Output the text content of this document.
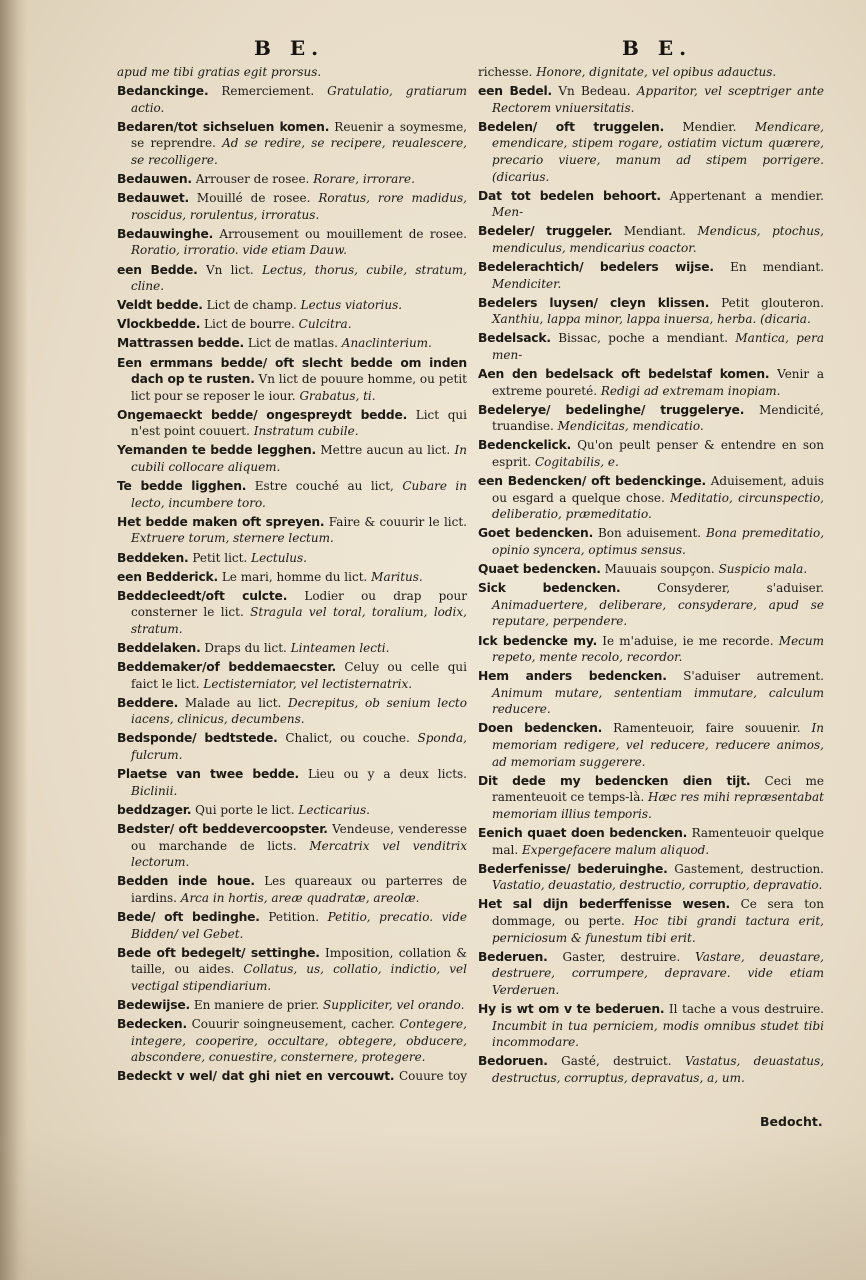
B E.	B E.
apud me tibi gratias egit prorsus.
Bedanckinge. Remerciement. Gratulatio, gratiarum actio.
Bedaren/tot sichseluen komen. Reuenir a soymesme, se reprendre. Ad se redire, se recipere, reualescere, se recolligere.
Bedauwen. Arrouser de rosee. Rorare, irrorare.
Bedauwet. Mouillé de rosee. Roratus, rore madidus, roscidus, rorulentus, irroratus.
Bedauwinghe. Arrousement ou mouillement de rosee. Roratio, irroratio. vide etiam Dauw.
een Bedde. Vn lict. Lectus, thorus, cubile, stratum, cline.
Veldt bedde. Lict de champ. Lectus viatorius.
Vlockbedde. Lict de bourre. Culcitra.
Mattrassen bedde. Lict de matlas. Anaclinterium.
Een ermmans bedde/ oft slecht bedde om inden dach op te rusten. Vn lict de pouure homme, ou petit lict pour se reposer le iour. Grabatus, ti.
Ongemaeckt bedde/ ongespreydt bedde. Lict qui n'est point couuert. Instratum cubile.
Yemanden te bedde legghen. Mettre aucun au lict. In cubili collocare aliquem.
Te bedde ligghen. Estre couché au lict, Cubare in lecto, incumbere toro.
Het bedde maken oft spreyen. Faire & couurir le lict. Extruere torum, sternere lectum.
Beddeken. Petit lict. Lectulus.
een Bedderick. Le mari, homme du lict. Maritus.
Beddecleedt/oft culcte. Lodier ou drap pour consterner le lict. Stragula vel toral, toralium, lodix, stratum.
Beddelaken. Draps du lict. Linteamen lecti.
Beddemaker/of beddemaecster. Celuy ou celle qui faict le lict. Lectisterniator, vel lectisternatrix.
Beddere. Malade au lict. Decrepitus, ob senium lecto iacens, clinicus, decumbens.
Bedsponde/ bedtstede. Chalict, ou couche. Sponda, fulcrum.
Plaetse van twee bedde. Lieu ou y a deux licts. Biclinii.
beddzager. Qui porte le lict. Lecticarius.
Bedster/ oft beddevercoopster. Vendeuse, venderesse ou marchande de licts. Mercatrix vel venditrix lectorum.
Bedden inde houe. Les quareaux ou parterres de iardins. Arca in hortis, areæ quadratæ, areolæ.
Bede/ oft bedinghe. Petition. Petitio, precatio. vide Bidden/ vel Gebet.
Bede oft bedegelt/ settinghe. Imposition, collation & taille, ou aides. Collatus, us, collatio, indictio, vel vectigal stipendiarium.
Bedewijse. En maniere de prier. Suppliciter, vel orando.
Bedecken. Couurir soingneusement, cacher. Contegere, integere, cooperire, occultare, obtegere, obducere, abscondere, conuestire, consternere, protegere.
Bedeckt v wel/ dat ghi niet en vercouwt. Couure toy
richesse. Honore, dignitate, vel opibus adauctus.
een Bedel. Vn Bedeau. Apparitor, vel sceptriger ante Rectorem vniuersitatis.
Bedelen/ oft truggelen. Mendier. Mendicare, emendicare, stipem rogare, ostiatim victum quærere, precario viuere, manum ad stipem porrigere. (dicarius.
Dat tot bedelen behoort. Appertenant a mendier. Men-
Bedeler/ truggeler. Mendiant. Mendicus, ptochus, mendiculus, mendicarius coactor.
Bedelerachtich/ bedelers wijse. En mendiant. Mendiciter.
Bedelers luysen/ cleyn klissen. Petit glouteron. Xanthiu, lappa minor, lappa inuersa, herba. (dicaria.
Bedelsack. Bissac, poche a mendiant. Mantica, pera men-
Aen den bedelsack oft bedelstaf komen. Venir a extreme poureté. Redigi ad extremam inopiam.
Bedelerye/ bedelinghe/ truggelerye. Mendicité, truandise. Mendicitas, mendicatio.
Bedenckelick. Qu'on peult penser & entendre en son esprit. Cogitabilis, e.
een Bedencken/ oft bedenckinge. Aduisement, aduis ou esgard a quelque chose. Meditatio, circunspectio, deliberatio, præmeditatio.
Goet bedencken. Bon aduisement. Bona premeditatio, opinio syncera, optimus sensus.
Quaet bedencken. Mauuais soupçon. Suspicio mala.
Sick bedencken.	Consyderer, s'aduiser. Animaduertere, deliberare, consyderare, apud se reputare, perpendere.
Ick bedencke my. Ie m'aduise, ie me recorde. Mecum repeto, mente recolo, recordor.
Hem anders bedencken. S'aduiser autrement. Animum mutare, sententiam immutare, calculum reducere.
Doen bedencken. Ramenteuoir, faire souuenir. In memoriam redigere, vel reducere, reducere animos, ad memoriam suggerere.
Dit dede my bedencken dien tijt. Ceci me ramenteuoit ce temps-là. Hæc res mihi repræsentabat memoriam illius temporis.
Eenich quaet doen bedencken. Ramenteuoir quelque mal. Expergefacere malum aliquod.
Bederfenisse/ bederuinghe. Gastement, destruction. Vastatio, deuastatio, destructio, corruptio, depravatio.
Het sal dijn bederffenisse wesen. Ce sera ton dommage, ou perte. Hoc tibi grandi tactura erit, perniciosum & funestum tibi erit.
Bederuen. Gaster, destruire. Vastare, deuastare, destruere, corrumpere, depravare. vide etiam Verderuen.
Hy is wt om v te bederuen. Il tache a vous destruire. Incumbit in tua perniciem, modis omnibus studet tibi incommodare.
Bedoruen. Gasté, destruict. Vastatus, deuastatus, destructus, corruptus, depravatus, a, um.
Bedocht.
